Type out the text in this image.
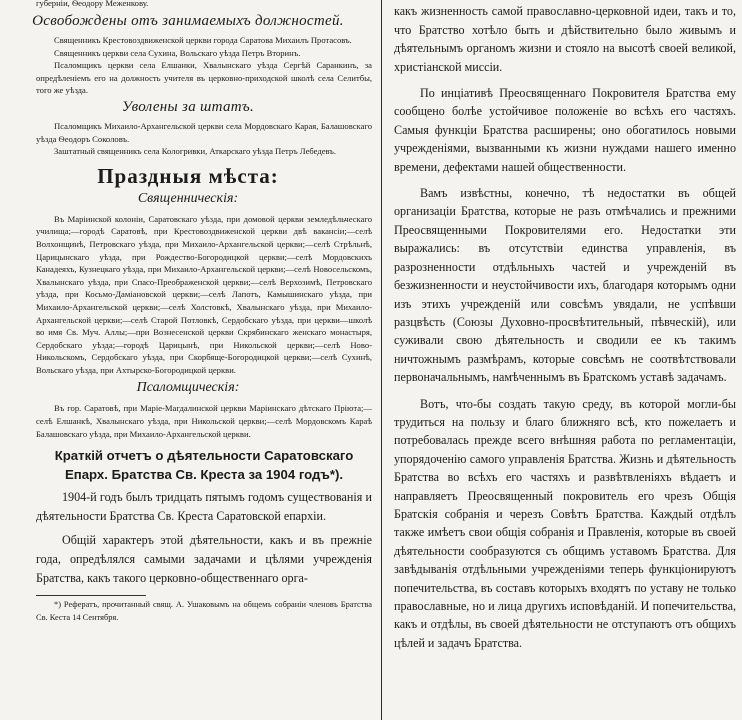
губерніи, Ѳеодору Меженкову.
Освобождены отъ занимаемыхъ должностей.

Священникъ Крестовоздвиженской церкви города Саратова Михаилъ Протасовъ.

Священникъ церкви села Сухина, Вольскаго уѣзда Петръ Вторинъ.

Псаломщикъ церкви села Елшанки, Хвалынскаго уѣзда Сергѣй Саранкинъ, за опредѣленіемъ его на должность учителя въ церковно-приходской школѣ села Селитбы, того же уѣзда.

Уволены за штатъ.

Псаломщикъ Михаило-Архангельской церкви села Мордовскаго Карая, Балашовскаго уѣзда Ѳеодоръ Соколовъ.

Заштатный священникъ села Кологривки, Аткарскаго уѣзда Петръ Лебедевъ.

Праздныя мѣста:
Священническія:

Въ Маріинской колоніи, Саратовскаго уѣзда, при домовой церкви земледѣльческаго училища;—городѣ Саратовѣ, при Крестовоздвиженской церкви двѣ вакансіи;—селѣ Волхонщинѣ, Петровскаго уѣзда, при Михаило-Архангельской церкви;—селѣ Стрѣльнѣ, Царицынскаго уѣзда, при Рождество-Богородицкой церкви;—селѣ Мордовскихъ Канадеяхъ, Кузнецкаго уѣзда, при Михаило-Архангельской церкви;—селѣ Новосельскомъ, Хвалынскаго уѣзда, при Спасо-Преображенской церкви;—селѣ Верхозимѣ, Петровскаго уѣзда, при Косьмо-Даміановской церкви;—селѣ Лапотъ, Камышинскаго уѣзда, при Михаило-Архангельской церкви;—селѣ Холстовкѣ, Хвалынскаго уѣзда, при Михаило-Архангельской церкви;—селѣ Старой Потловкѣ, Сердобскаго уѣзда, при церкви—школѣ во имя Св. Муч. Аллы;—при Вознесенской церкви Скрябинскаго женскаго монастыря, Сердобскаго уѣзда;—городѣ Царицынѣ, при Никольской церкви;—селѣ Ново-Никольскомъ, Сердобскаго уѣзда, при Скорбяще-Богородицкой церкви;—селѣ Сухинѣ, Вольскаго уѣзда, при Ахтырско-Богородицкой церкви.

Псаломщическія:

Въ гор. Саратовѣ, при Маріе-Магдалинской церкви Маріинскаго дѣтскаго Пріюта;—селѣ Елшанкѣ, Хвалынскаго уѣзда, при Никольской церкви;—селѣ Мордовскомъ Караѣ Балашовскаго уѣзда, при Михаило-Архангельской церкви.

Краткій отчетъ о дѣятельности Саратовскаго Епарх. Братства Св. Креста за 1904 годъ*).

1904-й годъ былъ тридцать пятымъ годомъ существованія и дѣятельности Братства Св. Креста Саратовской епархіи.

Общій характеръ этой дѣятельности, какъ и въ прежніе года, опредѣлялся самыми задачами и цѣлями учрежденія Братства, какъ такого церковно-общественнаго орга-

*) Рефератъ, прочитанный свящ. А. Ушаковымъ на общемъ собраніи членовъ Братства Св. Кеста 14 Сентября.

какъ жизненность самой православно-церковной идеи, такъ и то, что Братство хотѣло быть и дѣйствительно было живымъ и дѣятельнымъ органомъ жизни и стояло на высотѣ своей великой, христіанской миссіи.

По инціативѣ Преосвященнаго Покровителя Братства ему сообщено болѣе устойчивое положеніе во всѣхъ его частяхъ. Самыя функціи Братства расширены; оно обогатилось новыми учрежденіями, вызванными къ жизни нуждами нашего именно времени, дефектами нашей общественности.

Вамъ извѣстны, конечно, тѣ недостатки въ общей организаціи Братства, которые не разъ отмѣчались и прежними Преосвященными Покровителями его. Недостатки эти выражались: въ отсутствіи единства управленія, въ разрозненности отдѣльныхъ частей и учрежденій въ безжизненности и неустойчивости ихъ, благодаря которымъ одни изъ этихъ учрежденій или совсѣмъ увядали, не успѣвши разцвѣсть (Союзы Духовно-просвѣтительный, пѣвческій), или суживали свою дѣятельность и сводили ее къ такимъ ничтожнымъ размѣрамъ, которые совсѣмъ не соотвѣтствовали первоначальнымъ, намѣченнымъ въ Братскомъ уставѣ задачамъ.

Вотъ, что-бы создать такую среду, въ которой могли-бы трудиться на пользу и благо ближняго всѣ, кто пожелаетъ и потребовалась прежде всего внѣшняя работа по регламентаціи, упорядоченію самого управленія Братства. Жизнь и дѣятельность Братства во всѣхъ его частяхъ и развѣтвленіяхъ вѣдаетъ и направляетъ Преосвященный покровитель его чрезъ Общія Братскія собранія и черезъ Совѣтъ Братства. Каждый отдѣлъ также имѣетъ свои общія собранія и Правленія, которые въ своей дѣятельности сообразуются съ общимъ уставомъ Братства. Для завѣдыванія отдѣльными учрежденіями теперь функціонируютъ попечительства, въ составъ которыхъ входятъ по уставу не только православные, но и лица другихъ исповѣданій. И попечительства, какъ и отдѣлы, въ своей дѣятельности не отступаютъ отъ общихъ цѣлей и задачъ Братства.
